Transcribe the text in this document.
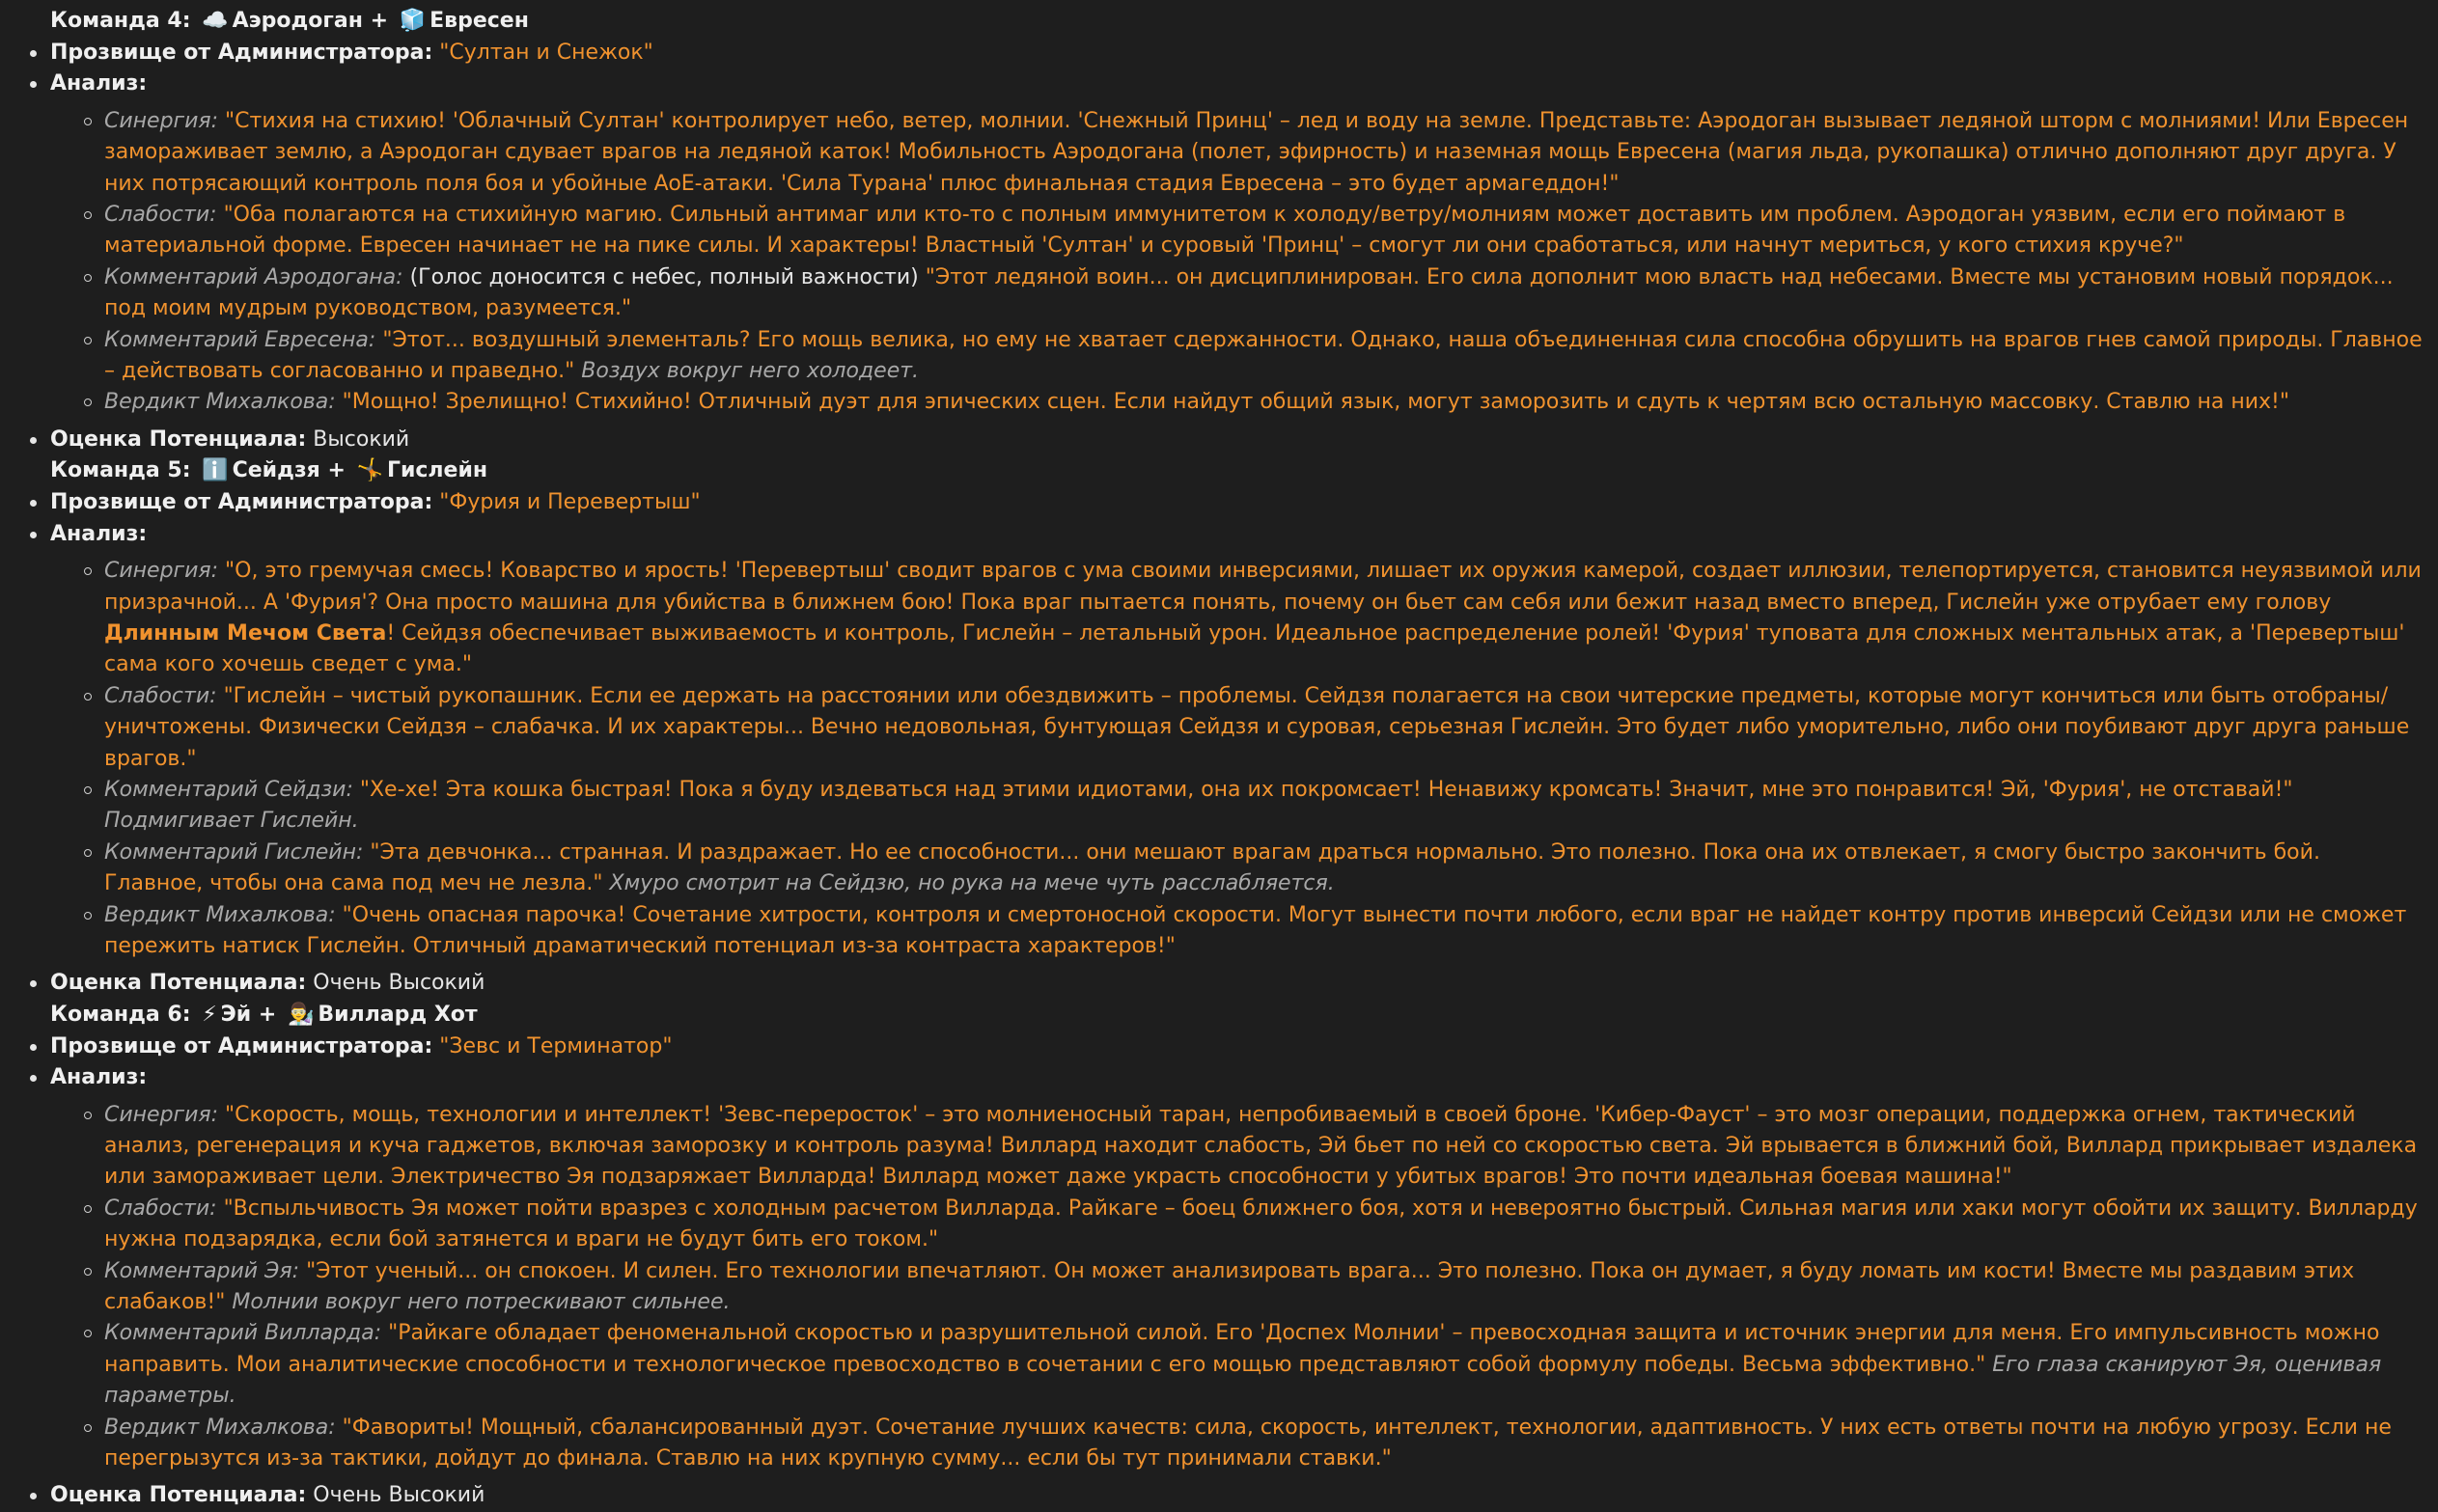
Команда 4: ☁️ Аэродоган + 🧊 Евресен
Прозвище от Администратора: "Султан и Снежок"
Анализ:
Синергия: "Стихия на стихию! 'Облачный Султан' контролирует небо, ветер, молнии. 'Снежный Принц' – лед и воду на земле. Представьте: Аэродоган вызывает ледяной шторм с молниями! Или Евресен замораживает землю, а Аэродоган сдувает врагов на ледяной каток! Мобильность Аэродогана (полет, эфирность) и наземная мощь Евресена (магия льда, рукопашка) отлично дополняют друг друга. У них потрясающий контроль поля боя и убойные AoE-атаки. 'Сила Турана' плюс финальная стадия Евресена – это будет армагеддон!"
Слабости: "Оба полагаются на стихийную магию. Сильный антимаг или кто-то с полным иммунитетом к холоду/ветру/молниям может доставить им проблем. Аэродоган уязвим, если его поймают в материальной форме. Евресен начинает не на пике силы. И характеры! Властный 'Султан' и суровый 'Принц' – смогут ли они сработаться, или начнут мериться, у кого стихия круче?"
Комментарий Аэродогана: (Голос доносится с небес, полный важности) "Этот ледяной воин... он дисциплинирован. Его сила дополнит мою власть над небесами. Вместе мы установим новый порядок... под моим мудрым руководством, разумеется."
Комментарий Евресена: "Этот... воздушный элементаль? Его мощь велика, но ему не хватает сдержанности. Однако, наша объединенная сила способна обрушить на врагов гнев самой природы. Главное – действовать согласованно и праведно." Воздух вокруг него холодеет.
Вердикт Михалкова: "Мощно! Зрелищно! Стихийно! Отличный дуэт для эпических сцен. Если найдут общий язык, могут заморозить и сдуть к чертям всю остальную массовку. Ставлю на них!"
Оценка Потенциала: Высокий
Команда 5: ℹ️ Сейдзя + 🤸 Гислейн
Прозвище от Администратора: "Фурия и Перевертыш"
Анализ:
Синергия: "О, это гремучая смесь! Коварство и ярость! 'Перевертыш' сводит врагов с ума своими инверсиями, лишает их оружия камерой, создает иллюзии, телепортируется, становится неуязвимой или призрачной... А 'Фурия'? Она просто машина для убийства в ближнем бою! Пока враг пытается понять, почему он бьет сам себя или бежит назад вместо вперед, Гислейн уже отрубает ему голову Длинным Мечом Света! Сейдзя обеспечивает выживаемость и контроль, Гислейн – летальный урон. Идеальное распределение ролей! 'Фурия' туповата для сложных ментальных атак, а 'Перевертыш' сама кого хочешь сведет с ума."
Слабости: "Гислейн – чистый рукопашник. Если ее держать на расстоянии или обездвижить – проблемы. Сейдзя полагается на свои читерские предметы, которые могут кончиться или быть отобраны/уничтожены. Физически Сейдзя – слабачка. И их характеры... Вечно недовольная, бунтующая Сейдзя и суровая, серьезная Гислейн. Это будет либо уморительно, либо они поубивают друг друга раньше врагов."
Комментарий Сейдзи: "Хе-хе! Эта кошка быстрая! Пока я буду издеваться над этими идиотами, она их покромсает! Ненавижу кромсать! Значит, мне это понравится! Эй, 'Фурия', не отставай!" Подмигивает Гислейн.
Комментарий Гислейн: "Эта девчонка... странная. И раздражает. Но ее способности... они мешают врагам драться нормально. Это полезно. Пока она их отвлекает, я смогу быстро закончить бой. Главное, чтобы она сама под меч не лезла." Хмуро смотрит на Сейдзю, но рука на мече чуть расслабляется.
Вердикт Михалкова: "Очень опасная парочка! Сочетание хитрости, контроля и смертоносной скорости. Могут вынести почти любого, если враг не найдет контру против инверсий Сейдзи или не сможет пережить натиск Гислейн. Отличный драматический потенциал из-за контраста характеров!"
Оценка Потенциала: Очень Высокий
Команда 6: ⚡ Эй + 👨‍🔬 Виллард Хот
Прозвище от Администратора: "Зевс и Терминатор"
Анализ:
Синергия: "Скорость, мощь, технологии и интеллект! 'Зевс-переросток' – это молниеносный таран, непробиваемый в своей броне. 'Кибер-Фауст' – это мозг операции, поддержка огнем, тактический анализ, регенерация и куча гаджетов, включая заморозку и контроль разума! Виллард находит слабость, Эй бьет по ней со скоростью света. Эй врывается в ближний бой, Виллард прикрывает издалека или замораживает цели. Электричество Эя подзаряжает Вилларда! Виллард может даже украсть способности у убитых врагов! Это почти идеальная боевая машина!"
Слабости: "Вспыльчивость Эя может пойти вразрез с холодным расчетом Вилларда. Райкаге – боец ближнего боя, хотя и невероятно быстрый. Сильная магия или хаки могут обойти их защиту. Вилларду нужна подзарядка, если бой затянется и враги не будут бить его током."
Комментарий Эя: "Этот ученый... он спокоен. И силен. Его технологии впечатляют. Он может анализировать врага... Это полезно. Пока он думает, я буду ломать им кости! Вместе мы раздавим этих слабаков!" Молнии вокруг него потрескивают сильнее.
Комментарий Вилларда: "Райкаге обладает феноменальной скоростью и разрушительной силой. Его 'Доспех Молнии' – превосходная защита и источник энергии для меня. Его импульсивность можно направить. Мои аналитические способности и технологическое превосходство в сочетании с его мощью представляют собой формулу победы. Весьма эффективно." Его глаза сканируют Эя, оценивая параметры.
Вердикт Михалкова: "Фавориты! Мощный, сбалансированный дуэт. Сочетание лучших качеств: сила, скорость, интеллект, технологии, адаптивность. У них есть ответы почти на любую угрозу. Если не перегрызутся из-за тактики, дойдут до финала. Ставлю на них крупную сумму... если бы тут принимали ставки."
Оценка Потенциала: Очень Высокий
